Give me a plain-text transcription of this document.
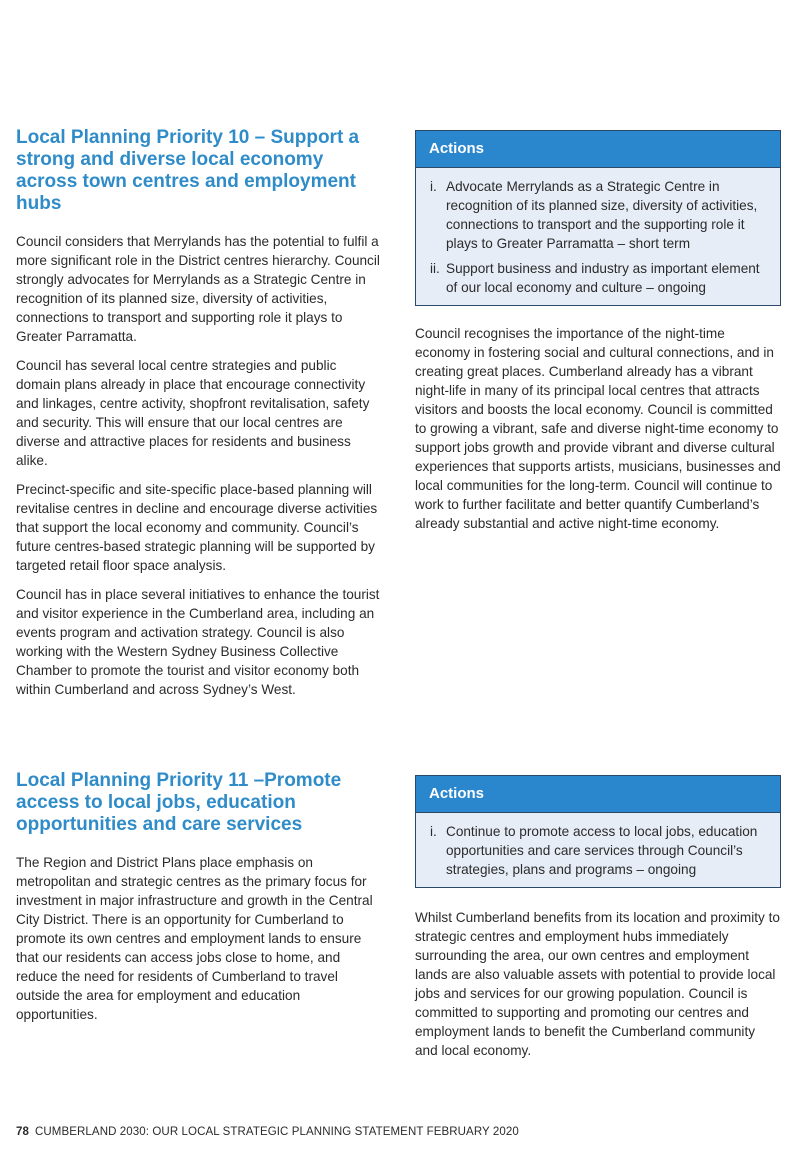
Local Planning Priority 10 – Support a strong and diverse local economy across town centres and employment hubs

Council considers that Merrylands has the potential to fulfil a more significant role in the District centres hierarchy. Council strongly advocates for Merrylands as a Strategic Centre in recognition of its planned size, diversity of activities, connections to transport and supporting role it plays to Greater Parramatta.

Council has several local centre strategies and public domain plans already in place that encourage connectivity and linkages, centre activity, shopfront revitalisation, safety and security. This will ensure that our local centres are diverse and attractive places for residents and business alike.

Precinct-specific and site-specific place-based planning will revitalise centres in decline and encourage diverse activities that support the local economy and community. Council’s future centres-based strategic planning will be supported by targeted retail floor space analysis.

Council has in place several initiatives to enhance the tourist and visitor experience in the Cumberland area, including an events program and activation strategy. Council is also working with the Western Sydney Business Collective Chamber to promote the tourist and visitor economy both within Cumberland and across Sydney’s West.

Actions
i. Advocate Merrylands as a Strategic Centre in recognition of its planned size, diversity of activities, connections to transport and the supporting role it plays to Greater Parramatta – short term
ii. Support business and industry as important element of our local economy and culture – ongoing

Council recognises the importance of the night-time economy in fostering social and cultural connections, and in creating great places. Cumberland already has a vibrant night-life in many of its principal local centres that attracts visitors and boosts the local economy. Council is committed to growing a vibrant, safe and diverse night-time economy to support jobs growth and provide vibrant and diverse cultural experiences that supports artists, musicians, businesses and local communities for the long-term. Council will continue to work to further facilitate and better quantify Cumberland’s already substantial and active night-time economy.

Local Planning Priority 11 –Promote access to local jobs, education opportunities and care services

The Region and District Plans place emphasis on metropolitan and strategic centres as the primary focus for investment in major infrastructure and growth in the Central City District. There is an opportunity for Cumberland to promote its own centres and employment lands to ensure that our residents can access jobs close to home, and reduce the need for residents of Cumberland to travel outside the area for employment and education opportunities.

Actions
i. Continue to promote access to local jobs, education opportunities and care services through Council’s strategies, plans and programs – ongoing

Whilst Cumberland benefits from its location and proximity to strategic centres and employment hubs immediately surrounding the area, our own centres and employment lands are also valuable assets with potential to provide local jobs and services for our growing population. Council is committed to supporting and promoting our centres and employment lands to benefit the Cumberland community and local economy.

78 CUMBERLAND 2030: OUR LOCAL STRATEGIC PLANNING STATEMENT FEBRUARY 2020
